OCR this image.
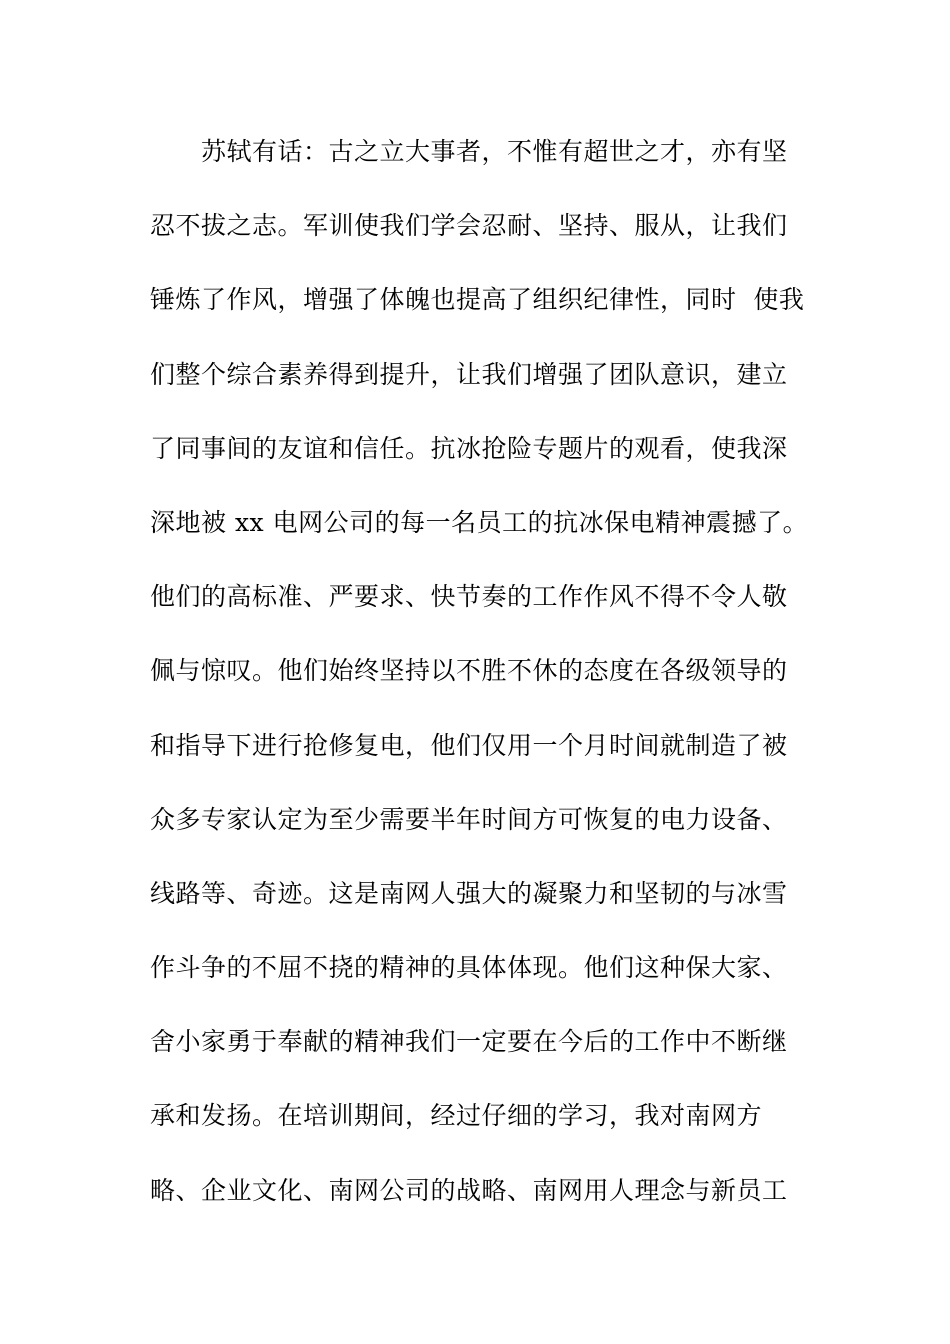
　　苏轼有话：古之立大事者，不惟有超世之才，亦有坚
忍不拔之志。军训使我们学会忍耐、坚持、服从，让我们
锤炼了作风，增强了体魄也提高了组织纪律性，同时  使我
们整个综合素养得到提升，让我们增强了团队意识，建立
了同事间的友谊和信任。抗冰抢险专题片的观看，使我深
深地被 xx 电网公司的每一名员工的抗冰保电精神震撼了。
他们的高标准、严要求、快节奏的工作作风不得不令人敬
佩与惊叹。他们始终坚持以不胜不休的态度在各级领导的
和指导下进行抢修复电，他们仅用一个月时间就制造了被
众多专家认定为至少需要半年时间方可恢复的电力设备、
线路等、奇迹。这是南网人强大的凝聚力和坚韧的与冰雪
作斗争的不屈不挠的精神的具体体现。他们这种保大家、
舍小家勇于奉献的精神我们一定要在今后的工作中不断继
承和发扬。在培训期间，经过仔细的学习，我对南网方
略、企业文化、南网公司的战略、南网用人理念与新员工
